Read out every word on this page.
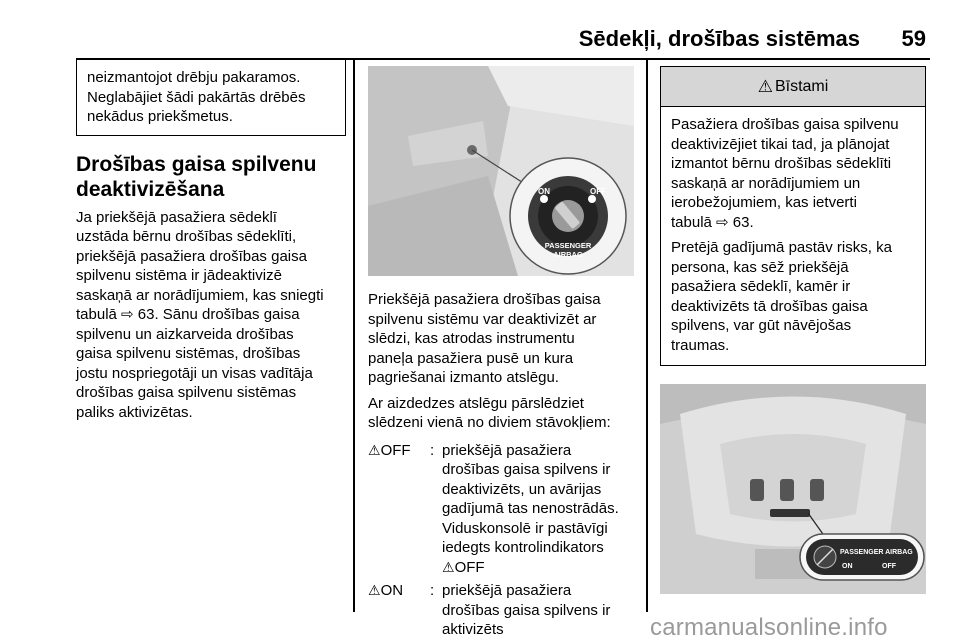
Sēdekļi, drošības sistēmas 59
neizmantojot drēbju pakaramos.
Neglabājiet šādi pakārtās drēbēs
nekādus priekšmetus.
Drošības gaisa spilvenu
deaktivizēšana
Ja priekšējā pasažiera sēdeklī
uzstāda bērnu drošības sēdeklīti,
priekšējā pasažiera drošības gaisa
spilvenu sistēma ir jādeaktivizē
saskaņā ar norādījumiem, kas sniegti
tabulā ⇨ 63. Sānu drošības gaisa
spilvenu un aizkarveida drošības
gaisa spilvenu sistēmas, drošības
jostu nospriegotāji un visas vadītāja
drošības gaisa spilvenu sistēmas
paliks aktivizētas.
ON	OFF
PASSENGER
AIRBAG
Priekšējā pasažiera drošības gaisa
spilvenu sistēmu var deaktivizēt ar
slēdzi, kas atrodas instrumentu
paneļa pasažiera pusē un kura
pagriešanai izmanto atslēgu.
Ar aizdedzes atslēgu pārslēdziet
slēdzeni vienā no diviem stāvokļiem:
⚠OFF	: priekšējā pasažiera
drošības gaisa spilvens ir
deaktivizēts, un avārijas
gadījumā tas nenostrādās.
Viduskonsolē ir pastāvīgi
iedegts kontrolindikators
⚠OFF
⚠ON	: priekšējā pasažiera
drošības gaisa spilvens ir
aktivizēts
⚠ Bīstami

Pasažiera drošības gaisa spilvenu
deaktivizējiet tikai tad, ja plānojat
izmantot bērnu drošības sēdeklīti
saskaņā ar norādījumiem un
ierobežojumiem, kas ietverti
tabulā ⇨ 63.

Pretējā gadījumā pastāv risks, ka
persona, kas sēž priekšējā
pasažiera sēdeklī, kamēr ir
deaktivizēts tā drošības gaisa
spilvens, var gūt nāvējošas
traumas.

PASSENGER AIRBAG
ON	OFF
carmanualsonline.info
